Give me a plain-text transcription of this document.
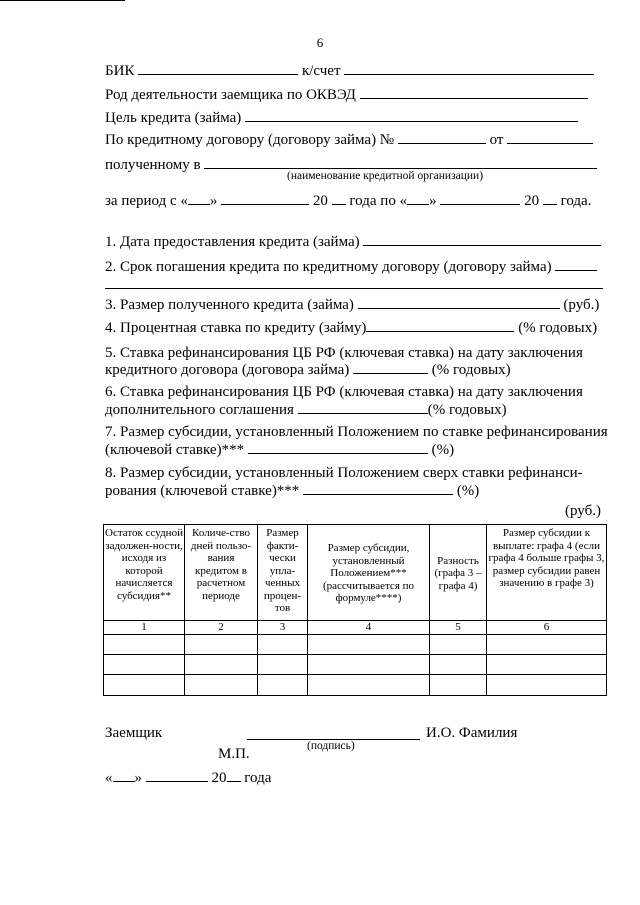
6
БИК	к/счет
Род деятельности заемщика по ОКВЭД
Цель кредита (займа)
По кредитному договору (договору займа) №	от
полученному в
(наименование кредитной организации)
за период с « »	20 года по « »	20 года.
1. Дата предоставления кредита (займа)
2. Срок погашения кредита по кредитному договору (договору займа)
3. Размер полученного кредита (займа)	(руб.)
4. Процентная ставка по кредиту (займу)	(% годовых)
5. Ставка рефинансирования ЦБ РФ (ключевая ставка) на дату заключения
кредитного договора (договора займа)	(% годовых)
6. Ставка рефинансирования ЦБ РФ (ключевая ставка) на дату заключения
дополнительного соглашения	(% годовых)
7. Размер субсидии, установленный Положением по ставке рефинансирования
(ключевой ставке)***	(%)
8. Размер субсидии, установленный Положением сверх ставки рефинанси-
рования (ключевой ставке)***	(%)
(руб.)
Остаток ссудной задолжен-ности, исходя из которой начисляется субсидия**	Количе-ство дней пользо-вания кредитом в расчетном периоде	Размер факти-чески упла-ченных процен-тов	Размер субсидии, установленный Положением*** (рассчитывается по формуле****)	Разность (графа 3 – графа 4)	Размер субсидии к выплате: графа 4 (если графа 4 больше графы 3, размер субсидии равен значению в графе 3)
1	2	3	4	5	6

Заемщик
(подпись)
И.О. Фамилия
М.П.
« »	20 года
